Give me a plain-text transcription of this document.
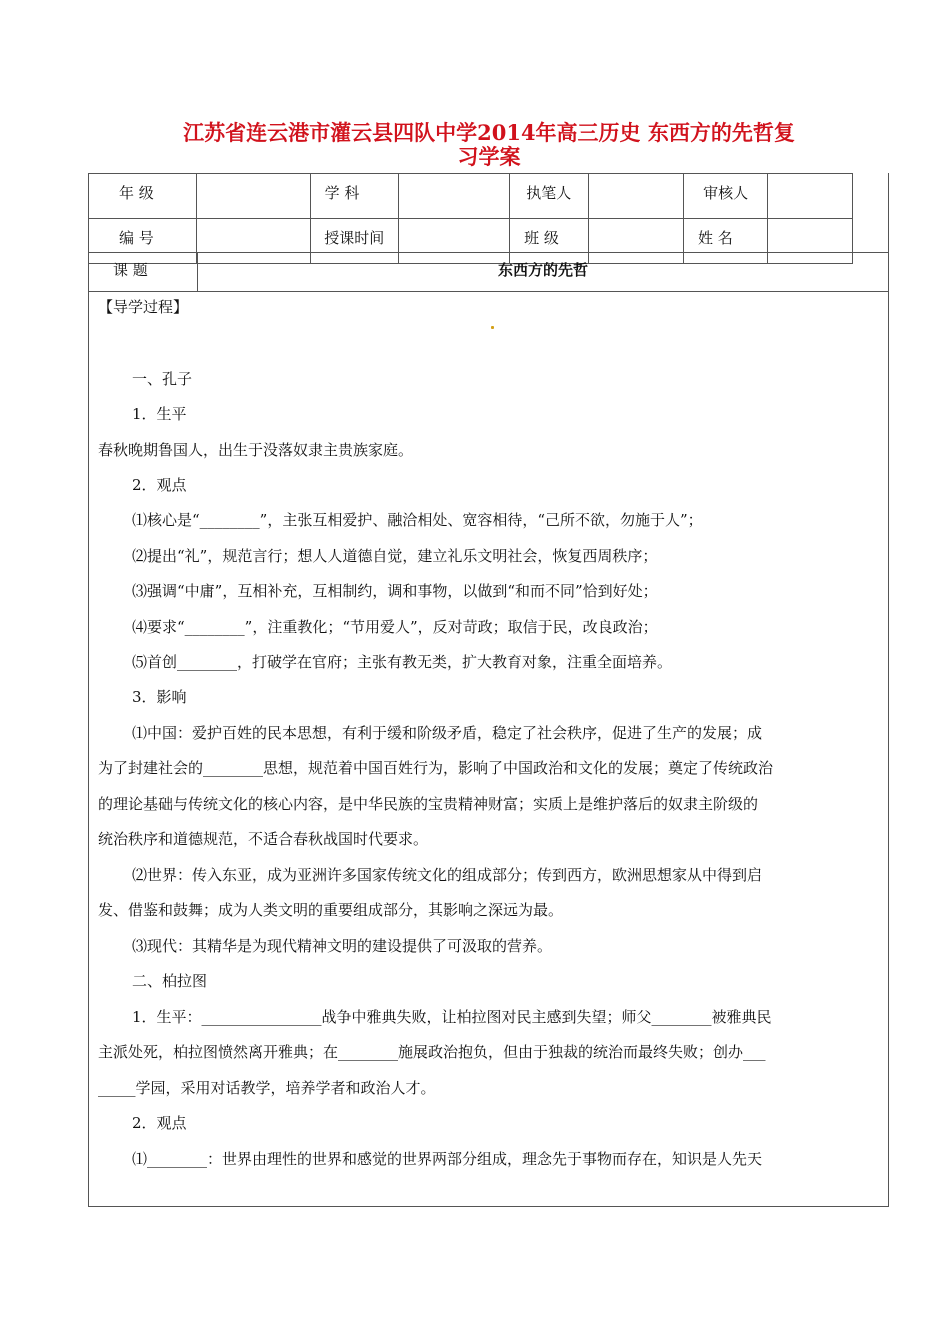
江苏省连云港市灌云县四队中学2014年高三历史 东西方的先哲复
习学案
年 级		学 科		执笔人		审核人	

编 号		授课时间		班 级		姓 名	

课 题	东西方的先哲
【导学过程】
一、孔子
1．生平
春秋晚期鲁国人，出生于没落奴隶主贵族家庭。
2．观点
⑴核心是“________”，主张互相爱护、融洽相处、宽容相待，“己所不欲，勿施于人”；
⑵提出“礼”，规范言行；想人人道德自觉，建立礼乐文明社会，恢复西周秩序；
⑶强调“中庸”，互相补充，互相制约，调和事物，以做到“和而不同”恰到好处；
⑷要求“________”，注重教化；“节用爱人”，反对苛政；取信于民，改良政治；
⑸首创________，打破学在官府；主张有教无类，扩大教育对象，注重全面培养。
3．影响
⑴中国：爱护百姓的民本思想，有利于缓和阶级矛盾，稳定了社会秩序，促进了生产的发展；成
为了封建社会的________思想，规范着中国百姓行为，影响了中国政治和文化的发展；奠定了传统政治
的理论基础与传统文化的核心内容，是中华民族的宝贵精神财富；实质上是维护落后的奴隶主阶级的
统治秩序和道德规范，不适合春秋战国时代要求。
⑵世界：传入东亚，成为亚洲许多国家传统文化的组成部分；传到西方，欧洲思想家从中得到启
发、借鉴和鼓舞；成为人类文明的重要组成部分，其影响之深远为最。
⑶现代：其精华是为现代精神文明的建设提供了可汲取的营养。
二、柏拉图
1．生平：________________战争中雅典失败，让柏拉图对民主感到失望；师父________被雅典民
主派处死，柏拉图愤然离开雅典；在________施展政治抱负，但由于独裁的统治而最终失败；创办___
_____学园，采用对话教学，培养学者和政治人才。
2．观点
⑴________：世界由理性的世界和感觉的世界两部分组成，理念先于事物而存在，知识是人先天
